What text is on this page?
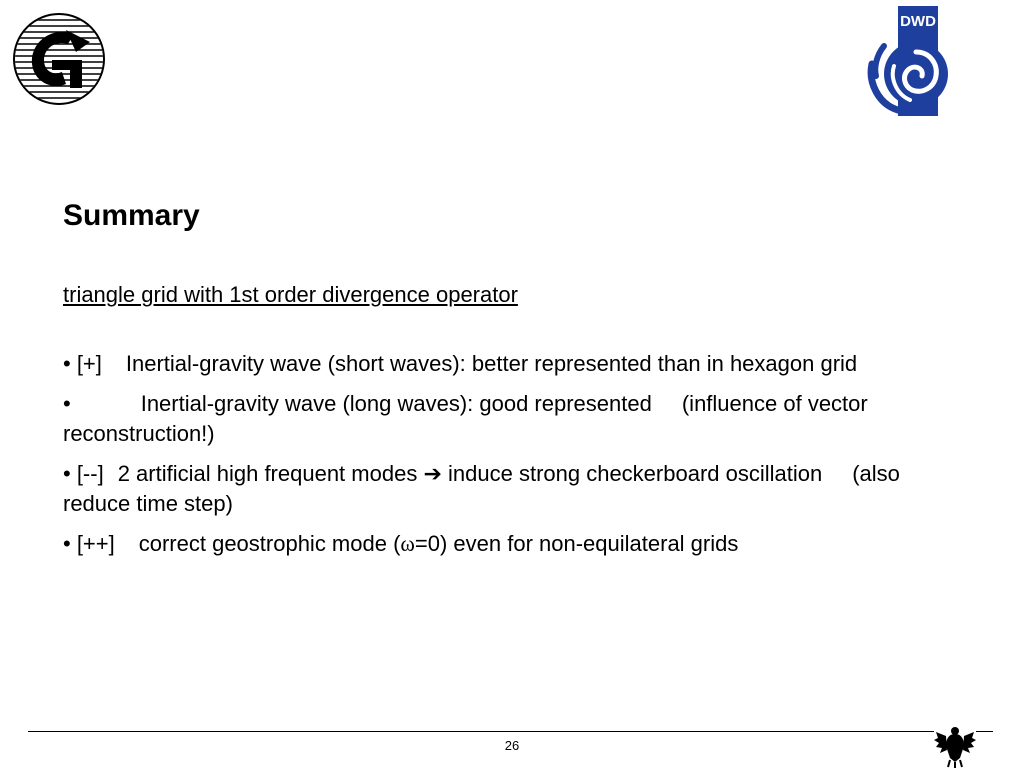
DWD
Summary
triangle grid with 1st order divergence operator

• [+] Inertial-gravity wave (short waves): better represented than in hexagon grid

•	Inertial-gravity wave (long waves): good represented (influence of vector reconstruction!)

• [--] 2 artificial high frequent modes ➔ induce strong checkerboard oscillation (also reduce time step)

• [++] correct geostrophic mode (ω=0) even for non-equilateral grids

26
